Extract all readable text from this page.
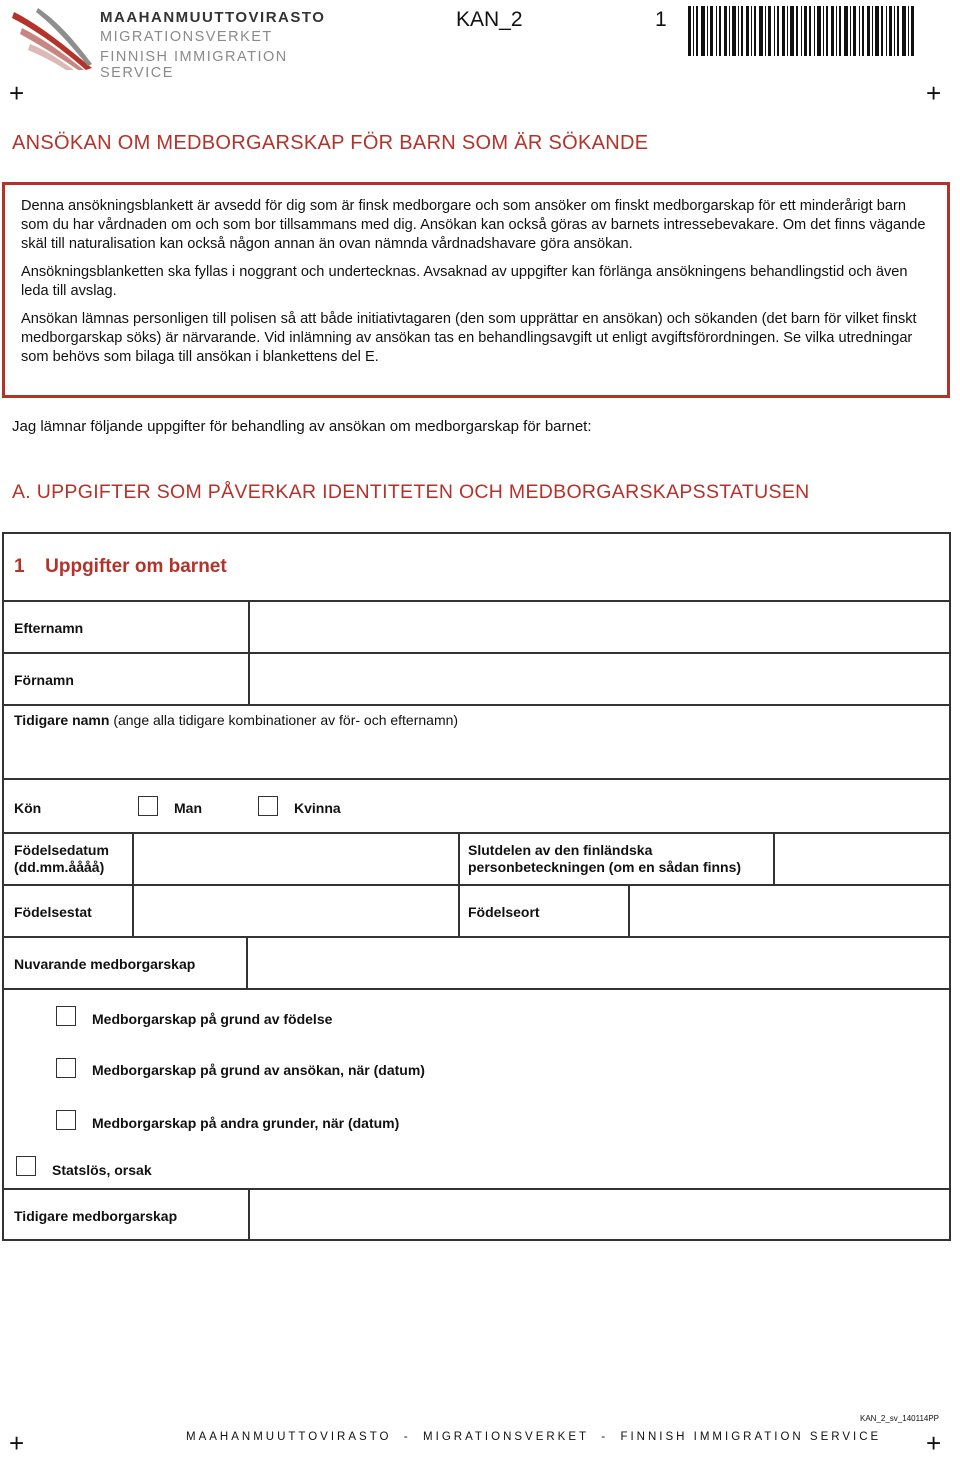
MAAHANMUUTTOVIRASTO
MIGRATIONSVERKET
FINNISH IMMIGRATION SERVICE
KAN_2	1
+	+
+	+
ANSÖKAN OM MEDBORGARSKAP FÖR BARN SOM ÄR SÖKANDE

Denna ansökningsblankett är avsedd för dig som är finsk medborgare och som ansöker om finskt medborgarskap för ett minderårigt barn som du har vårdnaden om och som bor tillsammans med dig. Ansökan kan också göras av barnets intressebevakare. Om det finns vägande skäl till naturalisation kan också någon annan än ovan nämnda vårdnadshavare göra ansökan.

Ansökningsblanketten ska fyllas i noggrant och undertecknas. Avsaknad av uppgifter kan förlänga ansökningens behandlingstid och även leda till avslag.

Ansökan lämnas personligen till polisen så att både initiativtagaren (den som upprättar en ansökan) och sökanden (det barn för vilket finskt medborgarskap söks) är närvarande. Vid inlämning av ansökan tas en behandlingsavgift ut enligt avgiftsförordningen. Se vilka utredningar som behövs som bilaga till ansökan i blankettens del E.

Jag lämnar följande uppgifter för behandling av ansökan om medborgarskap för barnet:
A. UPPGIFTER SOM PÅVERKAR IDENTITETEN OCH MEDBORGARSKAPSSTATUSEN
1 Uppgifter om barnet
Efternamn
Förnamn
Tidigare namn (ange alla tidigare kombinationer av för- och efternamn)
Kön	Man	Kvinna
Födelsedatum
(dd.mm.åååå)
Slutdelen av den finländska
personbeteckningen (om en sådan finns)
Födelsestat	Födelseort
Nuvarande medborgarskap
Medborgarskap på grund av födelse
Medborgarskap på grund av ansökan, när (datum)
Medborgarskap på andra grunder, när (datum)
Statslös, orsak
Tidigare medborgarskap
KAN_2_sv_140114PP
MAAHANMUUTTOVIRASTO  -  MIGRATIONSVERKET  -  FINNISH IMMIGRATION SERVICE
